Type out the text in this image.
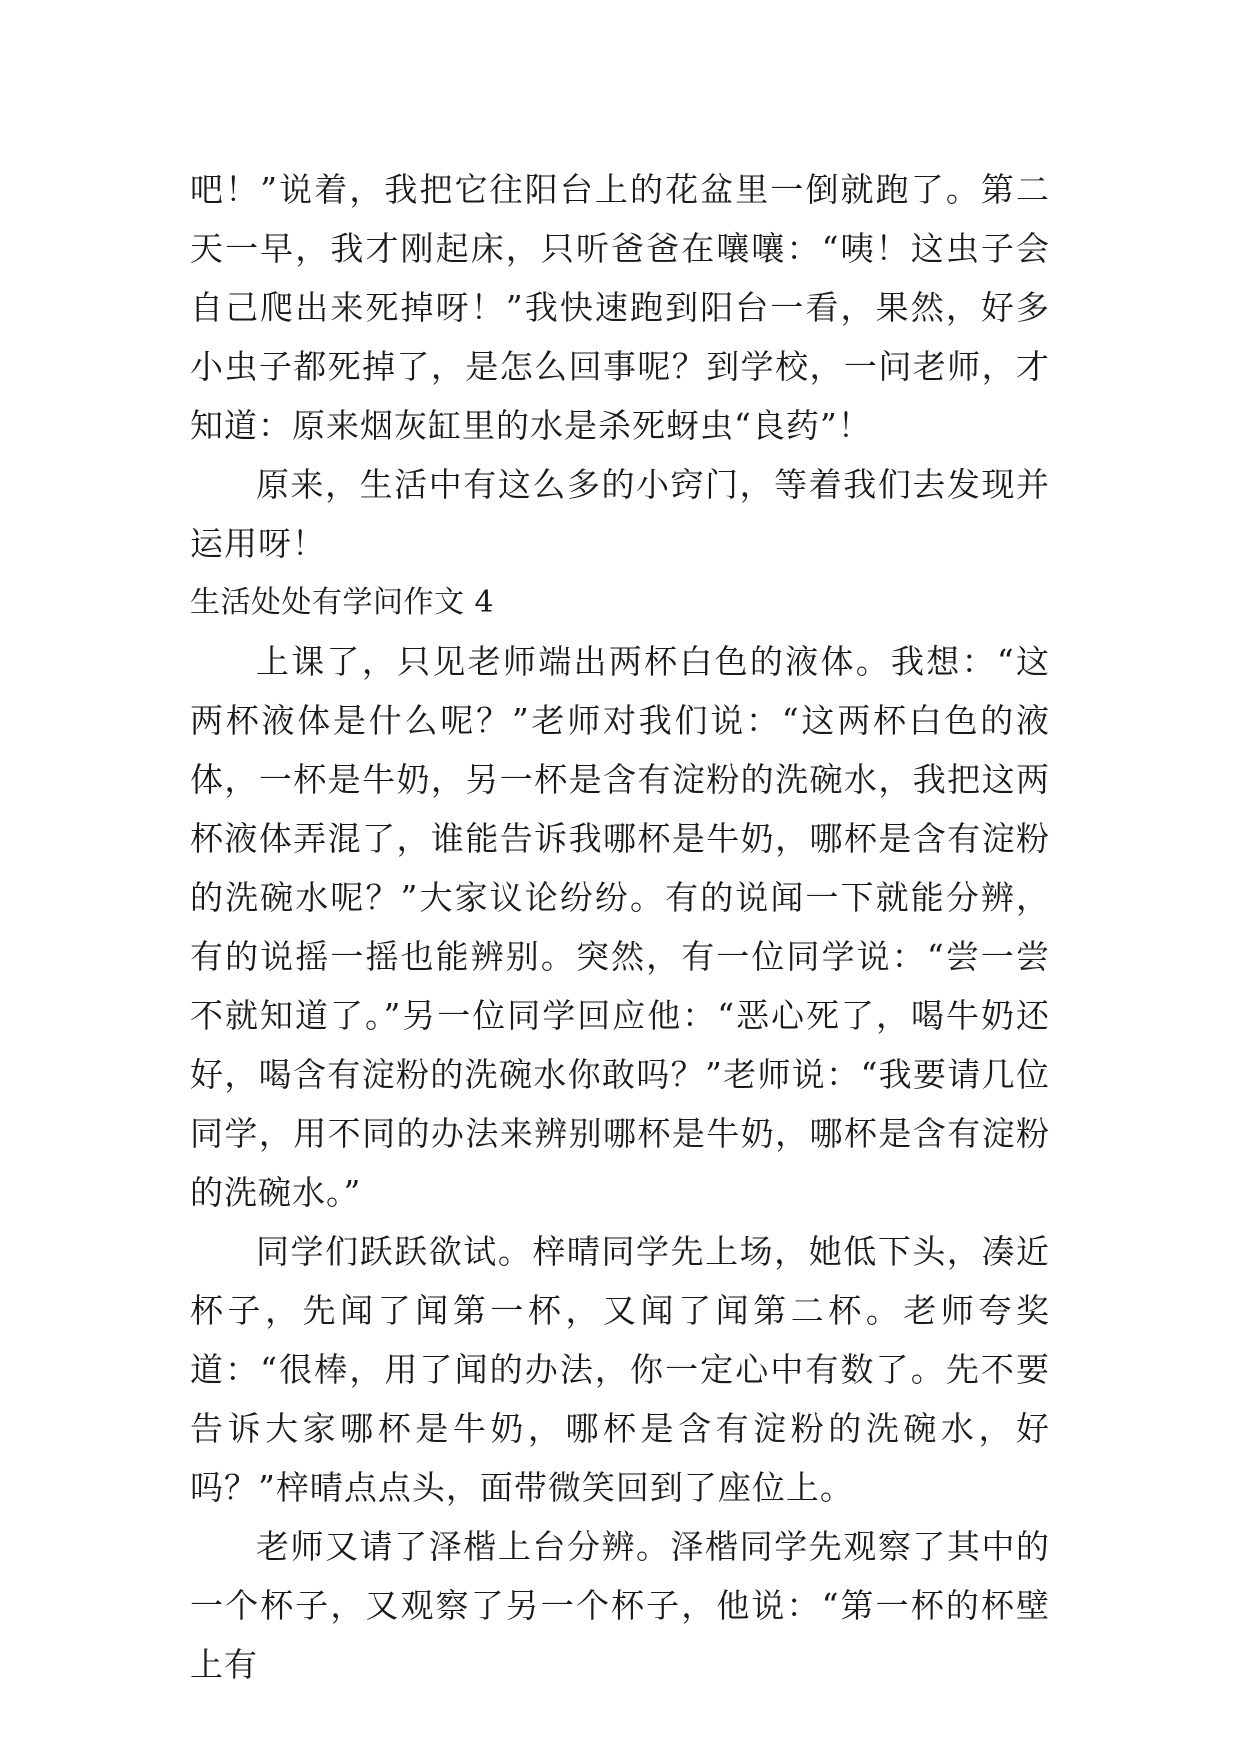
吧！”说着，我把它往阳台上的花盆里一倒就跑了。第二天一早，我才刚起床，只听爸爸在嚷嚷：“咦！这虫子会自己爬出来死掉呀！”我快速跑到阳台一看，果然，好多小虫子都死掉了，是怎么回事呢？到学校，一问老师，才知道：原来烟灰缸里的水是杀死蚜虫“良药”！

原来，生活中有这么多的小窍门，等着我们去发现并运用呀！

生活处处有学问作文 4

上课了，只见老师端出两杯白色的液体。我想：“这两杯液体是什么呢？”老师对我们说：“这两杯白色的液体，一杯是牛奶，另一杯是含有淀粉的洗碗水，我把这两杯液体弄混了，谁能告诉我哪杯是牛奶，哪杯是含有淀粉的洗碗水呢？”大家议论纷纷。有的说闻一下就能分辨，有的说摇一摇也能辨别。突然，有一位同学说：“尝一尝不就知道了。”另一位同学回应他：“恶心死了，喝牛奶还好，喝含有淀粉的洗碗水你敢吗？”老师说：“我要请几位同学，用不同的办法来辨别哪杯是牛奶，哪杯是含有淀粉的洗碗水。”

同学们跃跃欲试。梓晴同学先上场，她低下头，凑近杯子，先闻了闻第一杯，又闻了闻第二杯。老师夸奖道：“很棒，用了闻的办法，你一定心中有数了。先不要告诉大家哪杯是牛奶，哪杯是含有淀粉的洗碗水，好吗？”梓晴点点头，面带微笑回到了座位上。

老师又请了泽楷上台分辨。泽楷同学先观察了其中的一个杯子，又观察了另一个杯子，他说：“第一杯的杯壁上有
